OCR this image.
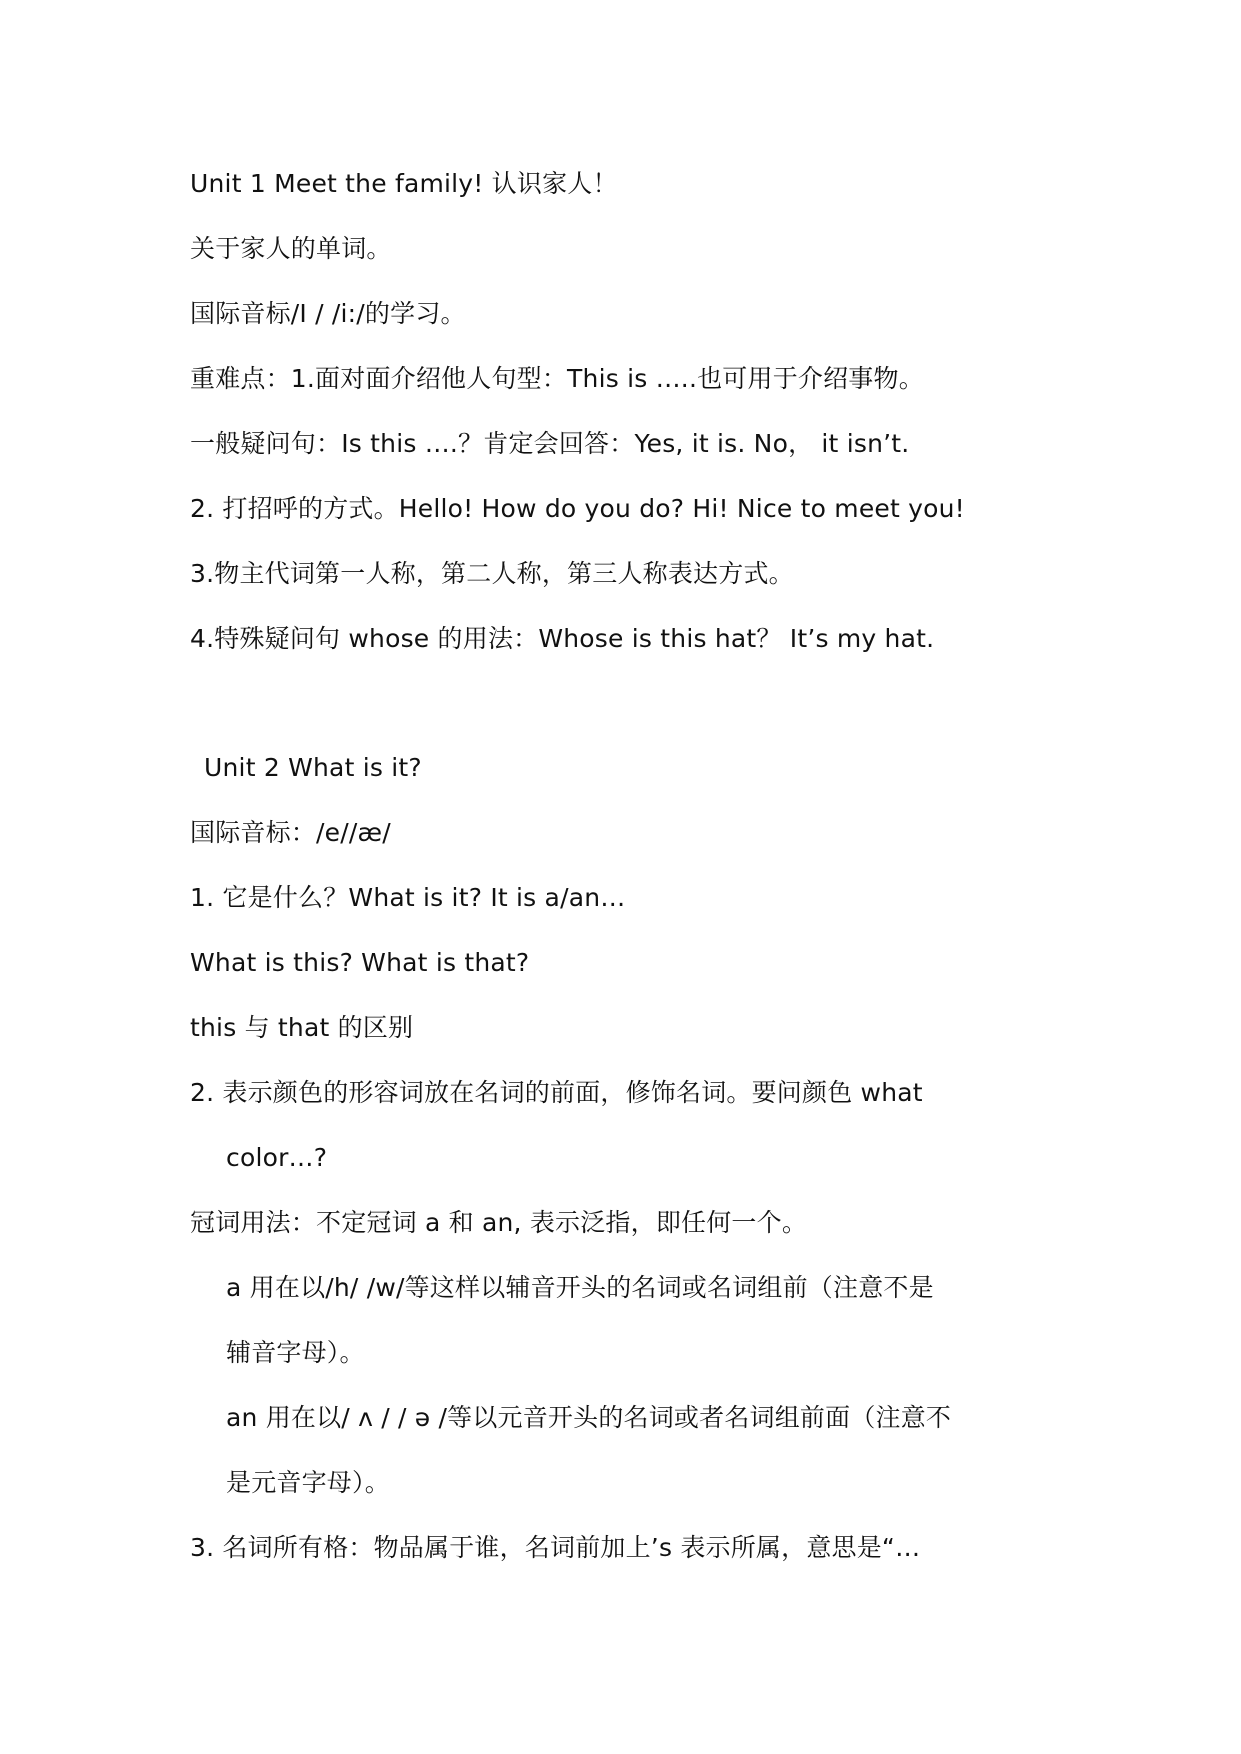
Unit 1 Meet the family! 认识家人！
关于家人的单词。
国际音标/I / /i:/的学习。
重难点：1.面对面介绍他人句型：This is …..也可用于介绍事物。
一般疑问句：Is this ….？肯定会回答：Yes, it is. No， it isn’t.
2. 打招呼的方式。Hello! How do you do? Hi! Nice to meet you!
3.物主代词第一人称，第二人称，第三人称表达方式。
4.特殊疑问句 whose 的用法：Whose is this hat？ It’s my hat.
Unit 2 What is it?
国际音标：/e//æ/
1. 它是什么？What is it? It is a/an…
What is this? What is that?
this 与 that 的区别
2. 表示颜色的形容词放在名词的前面，修饰名词。要问颜色 what
color…?
冠词用法：不定冠词 a 和 an, 表示泛指，即任何一个。
a 用在以/h/ /w/等这样以辅音开头的名词或名词组前（注意不是
辅音字母）。
an 用在以/ ʌ / / ə /等以元音开头的名词或者名词组前面（注意不
是元音字母）。
3. 名词所有格：物品属于谁，名词前加上’s 表示所属，意思是“…
